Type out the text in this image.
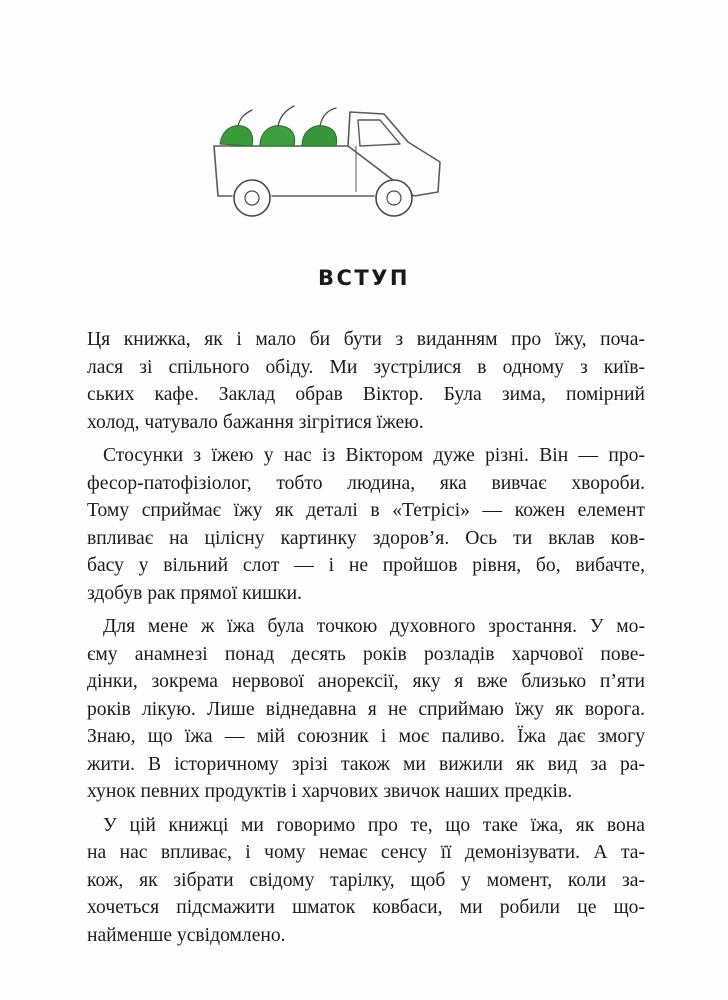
ВСТУП

Ця книжка, як і мало би бути з виданням про їжу, поча-
лася зі спільного обіду. Ми зустрілися в одному з київ-
ських кафе. Заклад обрав Віктор. Була зима, помірний
холод, чатувало бажання зігрітися їжею.

Стосунки з їжею у нас із Віктором дуже різні. Він — про-
фесор-патофізіолог, тобто людина, яка вивчає хвороби.
Тому сприймає їжу як деталі в «Тетрісі» — кожен елемент
впливає на цілісну картинку здоров’я. Ось ти вклав ков-
басу у вільний слот — і не пройшов рівня, бо, вибачте,
здобув рак прямої кишки.

Для мене ж їжа була точкою духовного зростання. У мо-
єму анамнезі понад десять років розладів харчової пове-
дінки, зокрема нервової анорексії, яку я вже близько п’яти
років лікую. Лише віднедавна я не сприймаю їжу як ворога.
Знаю, що їжа — мій союзник і моє паливо. Їжа дає змогу
жити. В історичному зрізі також ми вижили як вид за ра-
хунок певних продуктів і харчових звичок наших предків.

У цій книжці ми говоримо про те, що таке їжа, як вона
на нас впливає, і чому немає сенсу її демонізувати. А та-
кож, як зібрати свідому тарілку, щоб у момент, коли за-
хочеться підсмажити шматок ковбаси, ми робили це що-
найменше усвідомлено.
